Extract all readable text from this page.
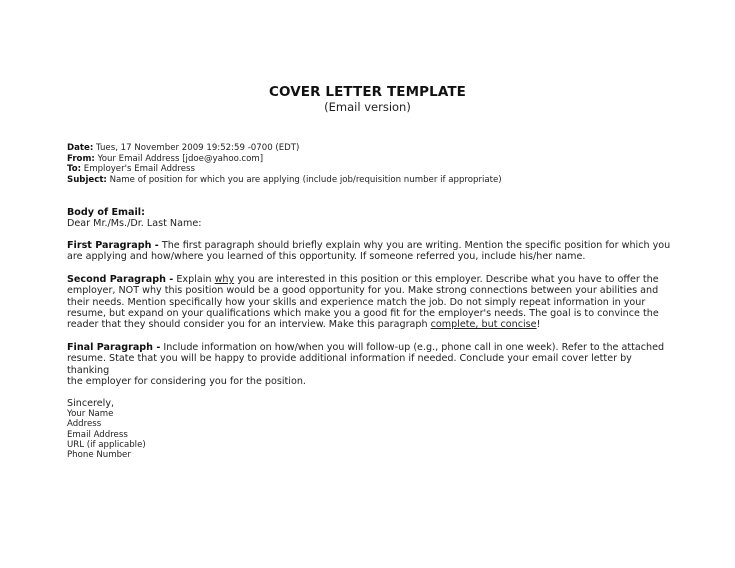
COVER LETTER TEMPLATE
(Email version)
Date: Tues, 17 November 2009 19:52:59 -0700 (EDT)
From: Your Email Address [jdoe@yahoo.com]
To: Employer's Email Address
Subject: Name of position for which you are applying (include job/requisition number if appropriate)
Body of Email:
Dear Mr./Ms./Dr. Last Name:
First Paragraph - The first paragraph should briefly explain why you are writing. Mention the specific position for which you
are applying and how/where you learned of this opportunity. If someone referred you, include his/her name.
Second Paragraph - Explain why you are interested in this position or this employer. Describe what you have to offer the
employer, NOT why this position would be a good opportunity for you. Make strong connections between your abilities and
their needs. Mention specifically how your skills and experience match the job. Do not simply repeat information in your
resume, but expand on your qualifications which make you a good fit for the employer's needs. The goal is to convince the
reader that they should consider you for an interview. Make this paragraph complete, but concise!
Final Paragraph - Include information on how/when you will follow-up (e.g., phone call in one week). Refer to the attached
resume. State that you will be happy to provide additional information if needed. Conclude your email cover letter by thanking
the employer for considering you for the position.
Sincerely,
Your Name
Address
Email Address
URL (if applicable)
Phone Number
